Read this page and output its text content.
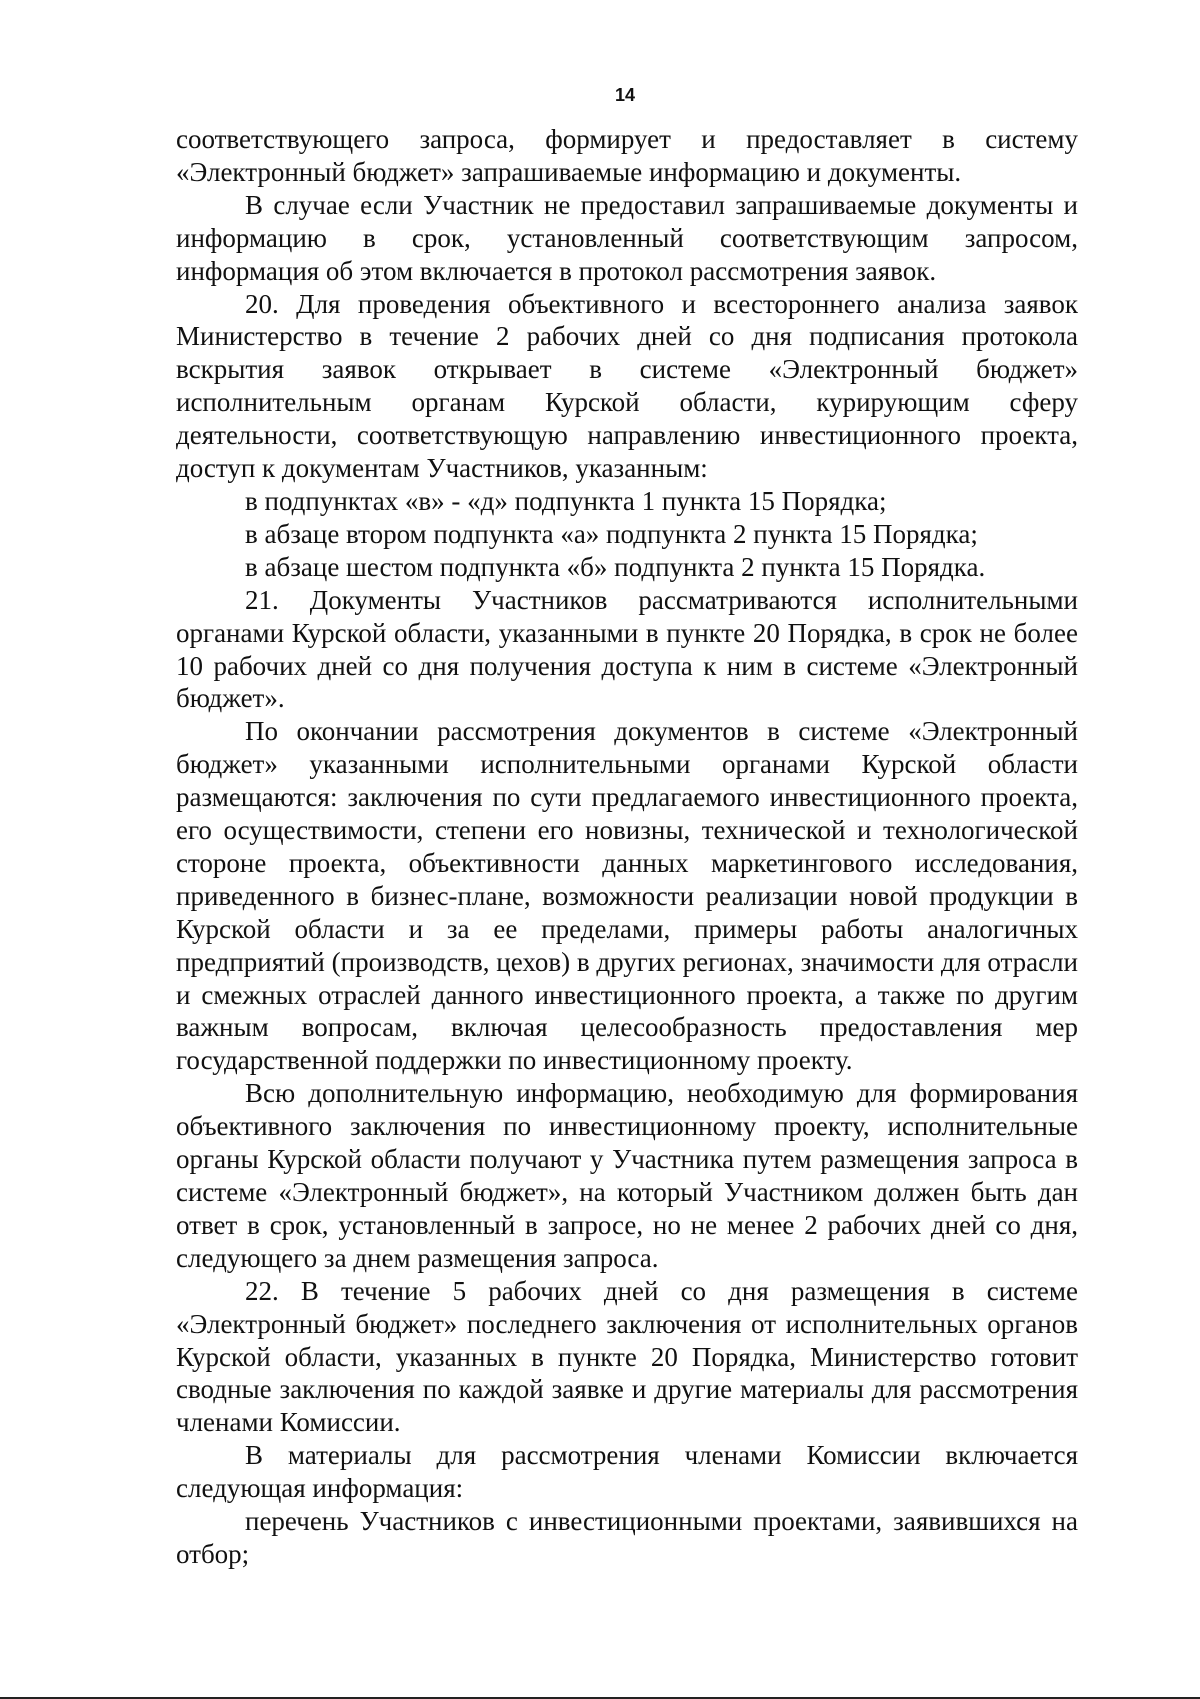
14

соответствующего запроса, формирует и предоставляет в систему «Электронный бюджет» запрашиваемые информацию и документы.

В случае если Участник не предоставил запрашиваемые документы и информацию в срок, установленный соответствующим запросом, информация об этом включается в протокол рассмотрения заявок.

20. Для проведения объективного и всестороннего анализа заявок Министерство в течение 2 рабочих дней со дня подписания протокола вскрытия заявок открывает в системе «Электронный бюджет» исполнительным органам Курской области, курирующим сферу деятельности, соответствующую направлению инвестиционного проекта, доступ к документам Участников, указанным:

в подпунктах «в» - «д» подпункта 1 пункта 15 Порядка;

в абзаце втором подпункта «а» подпункта 2 пункта 15 Порядка;

в абзаце шестом подпункта «б» подпункта 2 пункта 15 Порядка.

21. Документы Участников рассматриваются исполнительными органами Курской области, указанными в пункте 20 Порядка, в срок не более 10 рабочих дней со дня получения доступа к ним в системе «Электронный бюджет».

По окончании рассмотрения документов в системе «Электронный бюджет» указанными исполнительными органами Курской области размещаются: заключения по сути предлагаемого инвестиционного проекта, его осуществимости, степени его новизны, технической и технологической стороне проекта, объективности данных маркетингового исследования, приведенного в бизнес-плане, возможности реализации новой продукции в Курской области и за ее пределами, примеры работы аналогичных предприятий (производств, цехов) в других регионах, значимости для отрасли и смежных отраслей данного инвестиционного проекта, а также по другим важным вопросам, включая целесообразность предоставления мер государственной поддержки по инвестиционному проекту.

Всю дополнительную информацию, необходимую для формирования объективного заключения по инвестиционному проекту, исполнительные органы Курской области получают у Участника путем размещения запроса в системе «Электронный бюджет», на который Участником должен быть дан ответ в срок, установленный в запросе, но не менее 2 рабочих дней со дня, следующего за днем размещения запроса.

22. В течение 5 рабочих дней со дня размещения в системе «Электронный бюджет» последнего заключения от исполнительных органов Курской области, указанных в пункте 20 Порядка, Министерство готовит сводные заключения по каждой заявке и другие материалы для рассмотрения членами Комиссии.

В материалы для рассмотрения членами Комиссии включается следующая информация:

перечень Участников с инвестиционными проектами, заявившихся на отбор;
